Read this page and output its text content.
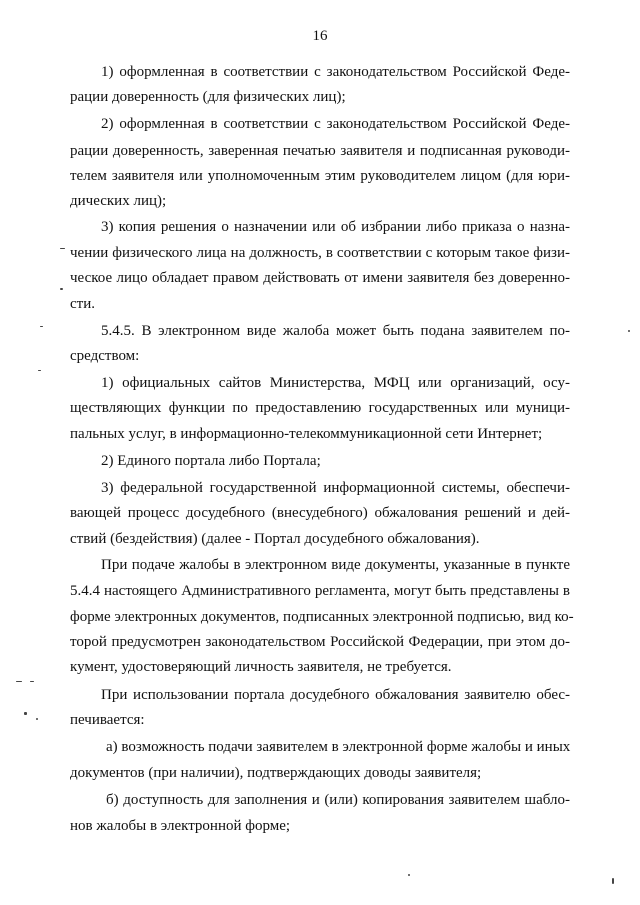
16
1) оформленная в соответствии с законодательством Российской Феде-
рации доверенность (для физических лиц);
2) оформленная в соответствии с законодательством Российской Феде-
рации доверенность, заверенная печатью заявителя и подписанная руководи-
телем заявителя или уполномоченным этим руководителем лицом (для юри-
дических лиц);
3) копия решения о назначении или об избрании либо приказа о назна-
чении физического лица на должность, в соответствии с которым такое физи-
ческое лицо обладает правом действовать от имени заявителя без доверенно-
сти.
5.4.5. В электронном виде жалоба может быть подана заявителем по-
средством:
1) официальных сайтов Министерства, МФЦ или организаций, осу-
ществляющих функции по предоставлению государственных или муници-
пальных услуг, в информационно-телекоммуникационной сети Интернет;
2) Единого портала либо Портала;
3) федеральной государственной информационной системы, обеспечи-
вающей процесс досудебного (внесудебного) обжалования решений и дей-
ствий (бездействия) (далее - Портал досудебного обжалования).
При подаче жалобы в электронном виде документы, указанные в пункте
5.4.4 настоящего Административного регламента, могут быть представлены в
форме электронных документов, подписанных электронной подписью, вид ко-
торой предусмотрен законодательством Российской Федерации, при этом до-
кумент, удостоверяющий личность заявителя, не требуется.
При использовании портала досудебного обжалования заявителю обес-
печивается:
а) возможность подачи заявителем в электронной форме жалобы и иных
документов (при наличии), подтверждающих доводы заявителя;
б) доступность для заполнения и (или) копирования заявителем шабло-
нов жалобы в электронной форме;
